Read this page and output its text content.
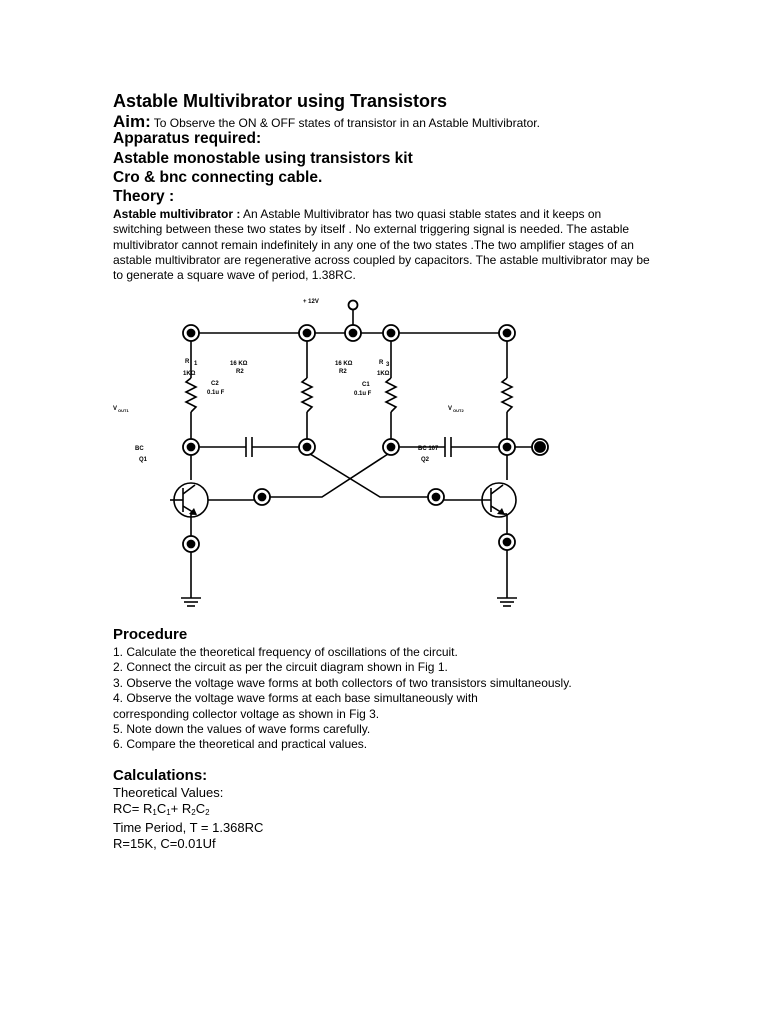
Astable Multivibrator using Transistors
Aim: To Observe the ON & OFF states of transistor in an Astable Multivibrator.
Apparatus required:
Astable monostable using transistors kit
Cro & bnc connecting cable.
Theory :
Astable multivibrator : An Astable Multivibrator has two quasi stable states and it keeps on switching between these two states by itself . No external triggering signal is needed. The astable multivibrator cannot remain indefinitely in any one of the two states .The two amplifier stages of an astable multivibrator are regenerative across coupled by capacitors. The astable multivibrator may be to generate a square wave of period, 1.38RC.
+ 12V
R 1
1KΩ
16 KΩ
R2
C2
0.1u F
16 KΩ
R2
R 3
1KΩ
C1
0.1u F
V OUT1	V OUT2
BC
Q1
BC 107
Q2
Procedure
1. Calculate the theoretical frequency of oscillations of the circuit.
2. Connect the circuit as per the circuit diagram shown in Fig 1.
3. Observe the voltage wave forms at both collectors of two transistors simultaneously.
4. Observe the voltage wave forms at each base simultaneously with
corresponding collector voltage as shown in Fig 3.
5. Note down the values of wave forms carefully.
6. Compare the theoretical and practical values.
Calculations:
Theoretical Values:
$RC= R_1C_1+ R_2C_2$
Time Period, T = 1.368RC
R=15K, C=0.01Uf
